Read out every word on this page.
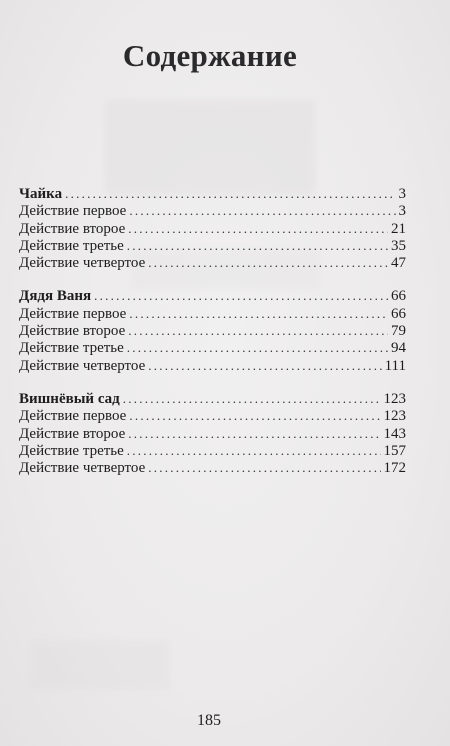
Содержание
Чайка . . .	3
Действие первое . . .	3
Действие второе . . .	21
Действие третье . . .	35
Действие четвертое . . .	47
Дядя Ваня . . .	66
Действие первое . . .	66
Действие второе . . .	79
Действие третье . . .	94
Действие четвертое . . .	111
Вишнёвый сад . . .	123
Действие первое . . .	123
Действие второе . . .	143
Действие третье . . .	157
Действие четвертое . . .	172
185
